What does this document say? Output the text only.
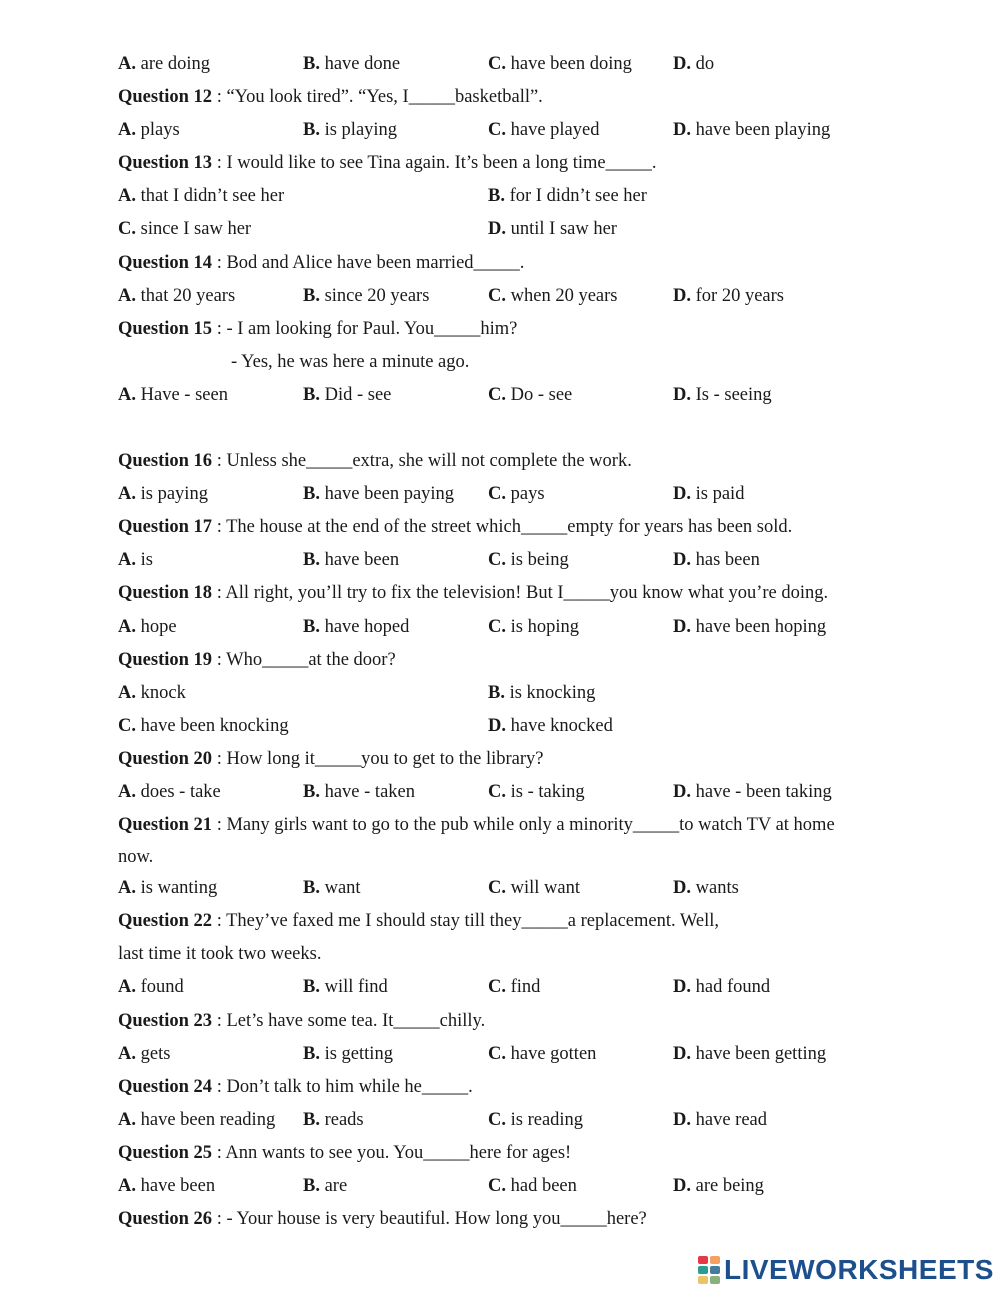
A. are doing	B. have done	C. have been doing D. do
Question 12 : “You look tired”. “Yes, I_____basketball”.
A. plays	B. is playing	C. have played	D. have been playing
Question 13 : I would like to see Tina again. It’s been a long time_____.
A. that I didn’t see her	B. for I didn’t see her
C. since I saw her	D. until I saw her
Question 14 : Bod and Alice have been married_____.
A. that 20 years	B. since 20 years	C. when 20 years	D. for 20 years
Question 15 : - I am looking for Paul. You_____him?
- Yes, he was here a minute ago.
A. Have - seen	B. Did - see	C. Do - see	D. Is - seeing
Question 16 : Unless she_____extra, she will not complete the work.
A. is paying	B. have been paying C. pays	D. is paid
Question 17 : The house at the end of the street which_____empty for years has been sold.
A. is	B. have been	C. is being	D. has been
Question 18 : All right, you’ll try to fix the television! But I_____you know what you’re doing.
A. hope	B. have hoped	C. is hoping	D. have been hoping
Question 19 : Who_____at the door?
A. knock	B. is knocking
C. have been knocking	D. have knocked
Question 20 : How long it_____you to get to the library?
A. does - take	B. have - taken	C. is - taking	D. have - been taking
Question 21 : Many girls want to go to the pub while only a minority_____to watch TV at home
now.
A. is wanting	B. want	C. will want	D. wants
Question 22 : They’ve faxed me I should stay till they_____a replacement. Well,
last time it took two weeks.
A. found	B. will find	C. find	D. had found
Question 23 : Let’s have some tea. It_____chilly.
A. gets	B. is getting	C. have gotten	D. have been getting
Question 24 : Don’t talk to him while he_____.
A. have been reading B. reads	C. is reading	D. have read
Question 25 : Ann wants to see you. You_____here for ages!
A. have been	B. are	C. had been	D. are being
Question 26 : - Your house is very beautiful. How long you_____here?
LIVEWORKSHEETS
